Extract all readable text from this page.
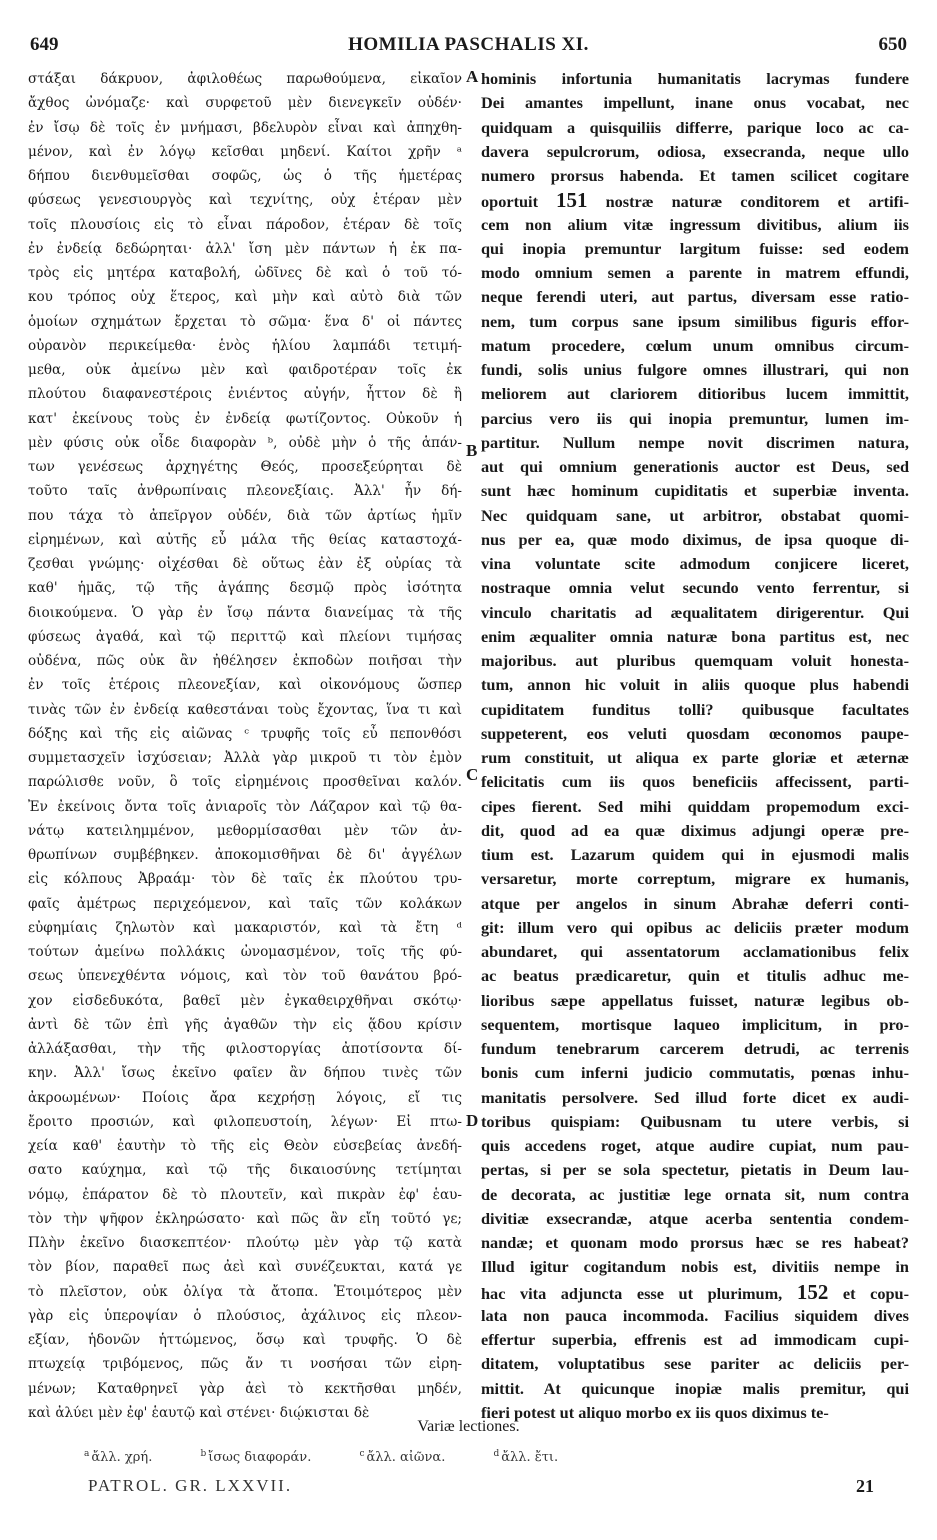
649	HOMILIA PASCHALIS XI.	650
στάξαι δάκρυον, ἀφιλοθέως παρωθούμενα, εἰκαῖον
ἄχθος ὠνόμαζε· καὶ συρφετοῦ μὲν διενεγκεῖν οὐδέν·
ἐν ἴσῳ δὲ τοῖς ἐν μνήμασι, βδελυρὸν εἶναι καὶ ἀπηχθη-
μένον, καὶ ἐν λόγῳ κεῖσθαι μηδενί. Καίτοι χρῆν ᵃ
δήπου διενθυμεῖσθαι σοφῶς, ὡς ὁ τῆς ἡμετέρας
φύσεως γενεσιουργὸς καὶ τεχνίτης, οὐχ ἑτέραν μὲν
τοῖς πλουσίοις εἰς τὸ εἶναι πάροδον, ἑτέραν δὲ τοῖς
ἐν ἐνδείᾳ δεδώρηται· ἀλλ' ἴση μὲν πάντων ἡ ἐκ πα-
τρὸς εἰς μητέρα καταβολή, ὠδῖνες δὲ καὶ ὁ τοῦ τό-
κου τρόπος οὐχ ἕτερος, καὶ μὴν καὶ αὐτὸ διὰ τῶν
ὁμοίων σχημάτων ἔρχεται τὸ σῶμα· ἕνα δ' οἱ πάντες
οὐρανὸν περικείμεθα· ἑνὸς ἡλίου λαμπάδι τετιμή-
μεθα, οὐκ ἀμείνω μὲν καὶ φαιδροτέραν τοῖς ἐκ
πλούτου διαφανεστέροις ἐνιέντος αὐγήν, ἧττον δὲ ἢ
κατ' ἐκείνους τοὺς ἐν ἐνδείᾳ φωτίζοντος. Οὐκοῦν ἡ
μὲν φύσις οὐκ οἶδε διαφορὰν ᵇ, οὐδὲ μὴν ὁ τῆς ἁπάν-
των γενέσεως ἀρχηγέτης Θεός, προσεξεύρηται δὲ
τοῦτο ταῖς ἀνθρωπίναις πλεονεξίαις. Ἀλλ' ἦν δή-
που τάχα τὸ ἀπεῖργον οὐδέν, διὰ τῶν ἀρτίως ἡμῖν
εἰρημένων, καὶ αὐτῆς εὖ μάλα τῆς θείας καταστοχά-
ζεσθαι γνώμης· οἰχέσθαι δὲ οὕτως ἐὰν ἐξ οὐρίας τὰ
καθ' ἡμᾶς, τῷ τῆς ἀγάπης δεσμῷ πρὸς ἰσότητα
διοικούμενα. Ὁ γὰρ ἐν ἴσῳ πάντα διανείμας τὰ τῆς
φύσεως ἀγαθά, καὶ τῷ περιττῷ καὶ πλείονι τιμήσας
οὐδένα, πῶς οὐκ ἂν ἠθέλησεν ἐκποδὼν ποιῆσαι τὴν
ἐν τοῖς ἑτέροις πλεονεξίαν, καὶ οἰκονόμους ὥσπερ
τινὰς τῶν ἐν ἐνδείᾳ καθεστάναι τοὺς ἔχοντας, ἵνα τι καὶ
δόξης καὶ τῆς εἰς αἰῶνας ᶜ τρυφῆς τοῖς εὖ πεπονθόσι
συμμετασχεῖν ἰσχύσειαν; Ἀλλὰ γὰρ μικροῦ τι τὸν ἐμὸν
παρώλισθε νοῦν, ὃ τοῖς εἰρημένοις προσθεῖναι καλόν.
Ἐν ἐκείνοις ὄντα τοῖς ἀνιαροῖς τὸν Λάζαρον καὶ τῷ θα-
νάτῳ κατειλημμένον, μεθορμίσασθαι μὲν τῶν ἀν-
θρωπίνων συμβέβηκεν. ἀποκομισθῆναι δὲ δι' ἀγγέλων
εἰς κόλπους Ἀβραάμ· τὸν δὲ ταῖς ἐκ πλούτου τρυ-
φαῖς ἀμέτρως περιχεόμενον, καὶ ταῖς τῶν κολάκων
εὐφημίαις ζηλωτὸν καὶ μακαριστόν, καὶ τὰ ἔτη ᵈ
τούτων ἀμείνω πολλάκις ὠνομασμένον, τοῖς τῆς φύ-
σεως ὑπενεχθέντα νόμοις, καὶ τὸν τοῦ θανάτου βρό-
χον εἰσδεδυκότα, βαθεῖ μὲν ἐγκαθειρχθῆναι σκότῳ·
ἀντὶ δὲ τῶν ἐπὶ γῆς ἀγαθῶν τὴν εἰς ᾅδου κρίσιν
ἀλλάξασθαι, τὴν τῆς φιλοστοργίας ἀποτίσοντα δί-
κην. Ἀλλ' ἴσως ἐκεῖνο φαῖεν ἂν δήπου τινὲς τῶν
ἀκροωμένων· Ποίοις ἄρα κεχρήσῃ λόγοις, εἴ τις
ἔροιτο προσιών, καὶ φιλοπευστοίη, λέγων· Εἰ πτω-
χεία καθ' ἑαυτὴν τὸ τῆς εἰς Θεὸν εὐσεβείας ἀνεδή-
σατο καύχημα, καὶ τῷ τῆς δικαιοσύνης τετίμηται
νόμῳ, ἐπάρατον δὲ τὸ πλουτεῖν, καὶ πικρὰν ἐφ' ἑαυ-
τὸν τὴν ψῆφον ἐκληρώσατο· καὶ πῶς ἂν εἴη τοῦτό γε;
Πλὴν ἐκεῖνο διασκεπτέον· πλούτῳ μὲν γὰρ τῷ κατὰ
τὸν βίον, παραθεῖ πως ἀεὶ καὶ συνέζευκται, κατά γε
τὸ πλεῖστον, οὐκ ὀλίγα τὰ ἄτοπα. Ἑτοιμότερος μὲν
γὰρ εἰς ὑπεροψίαν ὁ πλούσιος, ἀχάλινος εἰς πλεον-
εξίαν, ἡδονῶν ἡττώμενος, ὅσῳ καὶ τρυφῆς. Ὁ δὲ
πτωχείᾳ τριβόμενος, πῶς ἄν τι νοσήσαι τῶν εἰρη-
μένων; Καταθρηνεῖ γὰρ ἀεὶ τὸ κεκτῆσθαι μηδέν,
καὶ ἀλύει μὲν ἐφ' ἑαυτῷ καὶ στένει· διῴκισται δὲ
hominis infortunia humanitatis lacrymas fundere
Dei amantes impellunt, inane onus vocabat, nec
quidquam a quisquiliis differre, parique loco ac ca-
davera sepulcrorum, odiosa, exsecranda, neque ullo
numero prorsus habenda. Et tamen scilicet cogitare
oportuit 151 nostræ naturæ conditorem et artifi-
cem non alium vitæ ingressum divitibus, alium iis
qui inopia premuntur largitum fuisse: sed eodem
modo omnium semen a parente in matrem effundi,
neque ferendi uteri, aut partus, diversam esse ratio-
nem, tum corpus sane ipsum similibus figuris effor-
matum procedere, cœlum unum omnibus circum-
fundi, solis unius fulgore omnes illustrari, qui non
meliorem aut clariorem ditioribus lucem immittit,
parcius vero iis qui inopia premuntur, lumen im-
partitur. Nullum nempe novit discrimen natura,
aut qui omnium generationis auctor est Deus, sed
sunt hæc hominum cupiditatis et superbiæ inventa.
Nec quidquam sane, ut arbitror, obstabat quomi-
nus per ea, quæ modo diximus, de ipsa quoque di-
vina voluntate scite admodum conjicere liceret,
nostraque omnia velut secundo vento ferrentur, si
vinculo charitatis ad æqualitatem dirigerentur. Qui
enim æqualiter omnia naturæ bona partitus est, nec
majoribus. aut pluribus quemquam voluit honesta-
tum, annon hic voluit in aliis quoque plus habendi
cupiditatem funditus tolli? quibusque facultates
suppeterent, eos veluti quosdam œconomos paupe-
rum constituit, ut aliqua ex parte gloriæ et æternæ
felicitatis cum iis quos beneficiis affecissent, parti-
cipes fierent. Sed mihi quiddam propemodum exci-
dit, quod ad ea quæ diximus adjungi operæ pre-
tium est. Lazarum quidem qui in ejusmodi malis
versaretur, morte correptum, migrare ex humanis,
atque per angelos in sinum Abrahæ deferri conti-
git: illum vero qui opibus ac deliciis præter modum
abundaret, qui assentatorum acclamationibus felix
ac beatus prædicaretur, quin et titulis adhuc me-
lioribus sæpe appellatus fuisset, naturæ legibus ob-
sequentem, mortisque laqueo implicitum, in pro-
fundum tenebrarum carcerem detrudi, ac terrenis
bonis cum inferni judicio commutatis, pœnas inhu-
manitatis persolvere. Sed illud forte dicet ex audi-
toribus quispiam: Quibusnam tu utere verbis, si
quis accedens roget, atque audire cupiat, num pau-
pertas, si per se sola spectetur, pietatis in Deum lau-
de decorata, ac justitiæ lege ornata sit, num contra
divitiæ exsecrandæ, atque acerba sententia condem-
nandæ; et quonam modo prorsus hæc se res habeat?
Illud igitur cogitandum nobis est, divitiis nempe in
hac vita adjuncta esse ut plurimum, 152 et copu-
lata non pauca incommoda. Facilius siquidem dives
effertur superbia, effrenis est ad immodicam cupi-
ditatem, voluptatibus sese pariter ac deliciis per-
mittit. At quicunque inopiæ malis premitur, qui
fieri potest ut aliquo morbo ex iis quos diximus te-
A
B
C
D
Variæ lectiones.
$^a$ ἄλλ. χρή.	$^b$ ἴσως διαφοράν.	$^c$ ἄλλ. αἰῶνα.	$^d$ ἄλλ. ἔτι.
PATROL. GR. LXXVII.	21
